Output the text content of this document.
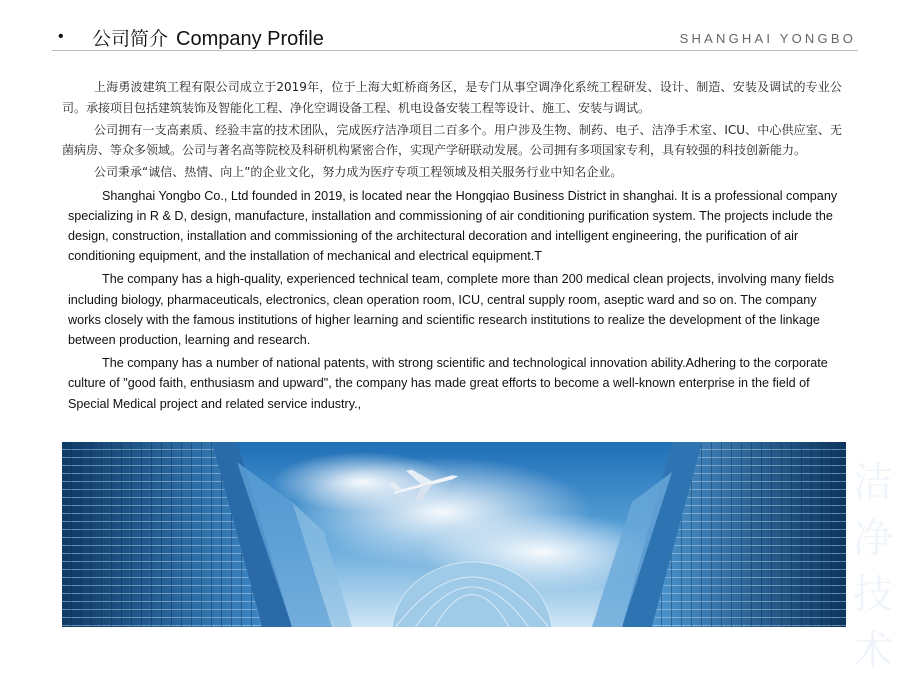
• 公司简介 Company Profile	SHANGHAI YONGBO

上海勇波建筑工程有限公司成立于2019年，位于上海大虹桥商务区，是专门从事空调净化系统工程研发、设计、制造、安装及调试的专业公司。承接项目包括建筑装饰及智能化工程、净化空调设备工程、机电设备安装工程等设计、施工、安装与调试。

公司拥有一支高素质、经验丰富的技术团队，完成医疗洁净项目二百多个。用户涉及生物、制药、电子、洁净手术室、ICU、中心供应室、无菌病房、等众多领域。公司与著名高等院校及科研机构紧密合作，实现产学研联动发展。公司拥有多项国家专利，具有较强的科技创新能力。

公司秉承“诚信、热情、向上”的企业文化，努力成为医疗专项工程领域及相关服务行业中知名企业。

Shanghai Yongbo Co., Ltd founded in 2019, is located near the Hongqiao Business District in shanghai. It is a professional company specializing in R & D, design, manufacture, installation and commissioning of air conditioning purification system. The projects include the design, construction, installation and commissioning of the architectural decoration and intelligent engineering, the purification of air conditioning equipment, and the installation of mechanical and electrical equipment.T

The company has a high-quality, experienced technical team, complete more than 200 medical clean projects, involving many fields including biology, pharmaceuticals, electronics, clean operation room, ICU, central supply room, aseptic ward and so on. The company works closely with the famous institutions of higher learning and scientific research institutions to realize the development of the linkage between production, learning and research.

The company has a number of national patents, with strong scientific and technological innovation ability.Adhering to the corporate culture of "good faith, enthusiasm and upward", the company has made great efforts to become a well-known enterprise in the field of Special Medical project and related service industry.,

洁
净
技
术
